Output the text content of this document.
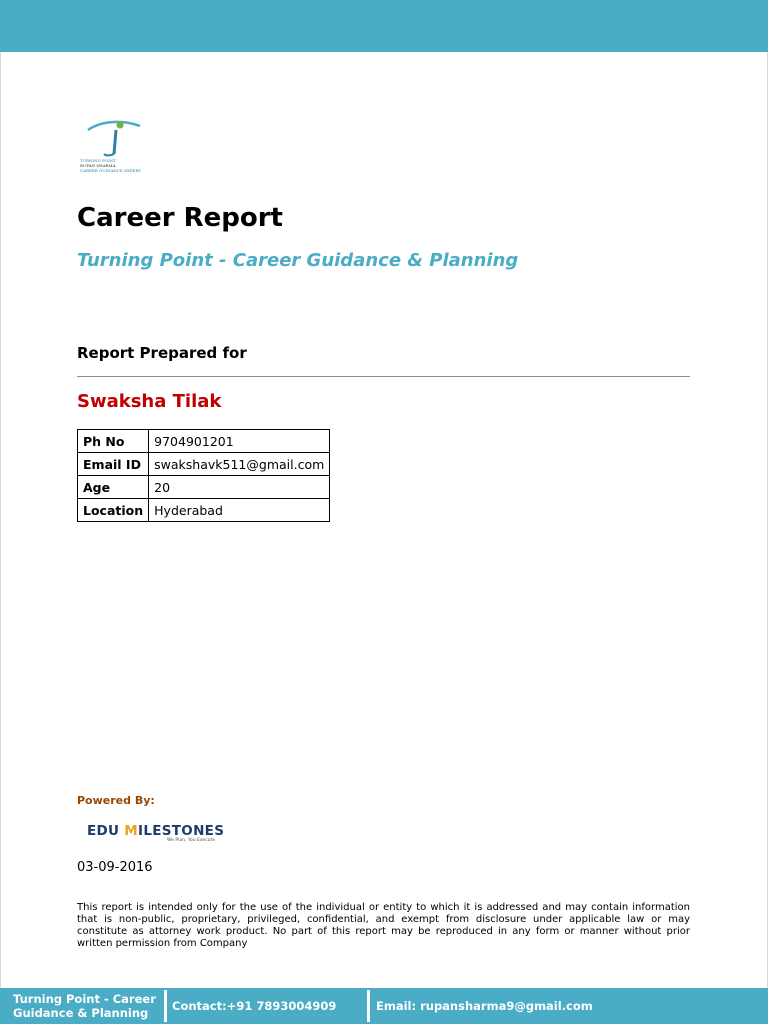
TURNING POINT
RUPAN SHARMA
CAREER GUIDANCE EXPERT
Career Report
Turning Point - Career Guidance & Planning
Report Prepared for
Swaksha Tilak
Ph No	9704901201
Email ID	swakshavk511@gmail.com
Age	20
Location	Hyderabad
Powered By:
EDU MILESTONES
We Plan, You Execute
03-09-2016
This report is intended only for the use of the individual or entity to which it is addressed and may contain information that is non-public, proprietary, privileged, confidential, and exempt from disclosure under applicable law or may constitute as attorney work product. No part of this report may be reproduced in any form or manner without prior written permission from Company
Turning Point - Career Guidance & Planning	Contact:+91 7893004909	Email: rupansharma9@gmail.com
